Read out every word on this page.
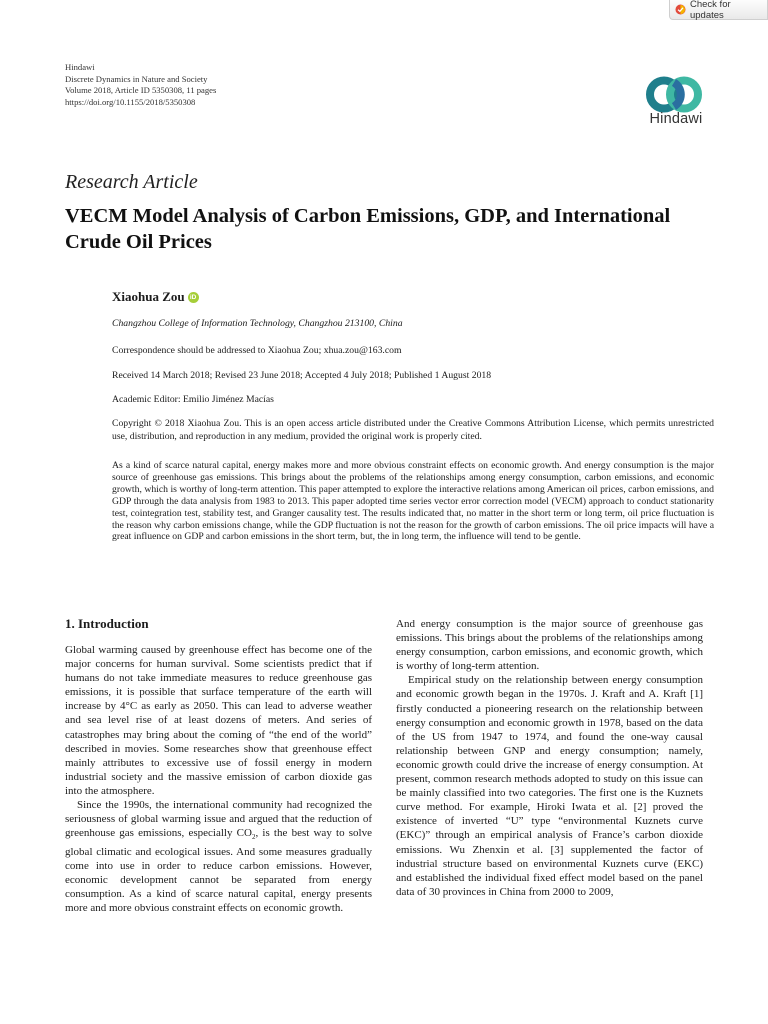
Check for updates
Hindawi
Discrete Dynamics in Nature and Society
Volume 2018, Article ID 5350308, 11 pages
https://doi.org/10.1155/2018/5350308
Hindawi
Research Article
VECM Model Analysis of Carbon Emissions, GDP, and International Crude Oil Prices
Xiaohua Zou iD
Changzhou College of Information Technology, Changzhou 213100, China
Correspondence should be addressed to Xiaohua Zou; xhua.zou@163.com
Received 14 March 2018; Revised 23 June 2018; Accepted 4 July 2018; Published 1 August 2018
Academic Editor: Emilio Jiménez Macías
Copyright © 2018 Xiaohua Zou. This is an open access article distributed under the Creative Commons Attribution License, which permits unrestricted use, distribution, and reproduction in any medium, provided the original work is properly cited.
As a kind of scarce natural capital, energy makes more and more obvious constraint effects on economic growth. And energy consumption is the major source of greenhouse gas emissions. This brings about the problems of the relationships among energy consumption, carbon emissions, and economic growth, which is worthy of long-term attention. This paper attempted to explore the interactive relations among American oil prices, carbon emissions, and GDP through the data analysis from 1983 to 2013. This paper adopted time series vector error correction model (VECM) approach to conduct stationarity test, cointegration test, stability test, and Granger causality test. The results indicated that, no matter in the short term or long term, oil price fluctuation is the reason why carbon emissions change, while the GDP fluctuation is not the reason for the growth of carbon emissions. The oil price impacts will have a great influence on GDP and carbon emissions in the short term, but, the in long term, the influence will tend to be gentle.
1. Introduction

Global warming caused by greenhouse effect has become one of the major concerns for human survival. Some scientists predict that if humans do not take immediate measures to reduce greenhouse gas emissions, it is possible that surface temperature of the earth will increase by 4°C as early as 2050. This can lead to adverse weather and sea level rise of at least dozens of meters. And series of catastrophes may bring about the coming of “the end of the world” described in movies. Some researches show that greenhouse effect mainly attributes to excessive use of fossil energy in modern industrial society and the massive emission of carbon dioxide gas into the atmosphere.

Since the 1990s, the international community had recognized the seriousness of global warming issue and argued that the reduction of greenhouse gas emissions, especially $CO_2$, is the best way to solve global climatic and ecological issues. And some measures gradually come into use in order to reduce carbon emissions. However, economic development cannot be separated from energy consumption. As a kind of scarce natural capital, energy presents more and more obvious constraint effects on economic growth.

And energy consumption is the major source of greenhouse gas emissions. This brings about the problems of the relationships among energy consumption, carbon emissions, and economic growth, which is worthy of long-term attention.

Empirical study on the relationship between energy consumption and economic growth began in the 1970s. J. Kraft and A. Kraft [1] firstly conducted a pioneering research on the relationship between energy consumption and economic growth in 1978, based on the data of the US from 1947 to 1974, and found the one-way causal relationship between GNP and energy consumption; namely, economic growth could drive the increase of energy consumption. At present, common research methods adopted to study on this issue can be mainly classified into two categories. The first one is the Kuznets curve method. For example, Hiroki Iwata et al. [2] proved the existence of inverted “U” type “environmental Kuznets curve (EKC)” through an empirical analysis of France’s carbon dioxide emissions. Wu Zhenxin et al. [3] supplemented the factor of industrial structure based on environmental Kuznets curve (EKC) and established the individual fixed effect model based on the panel data of 30 provinces in China from 2000 to 2009,
